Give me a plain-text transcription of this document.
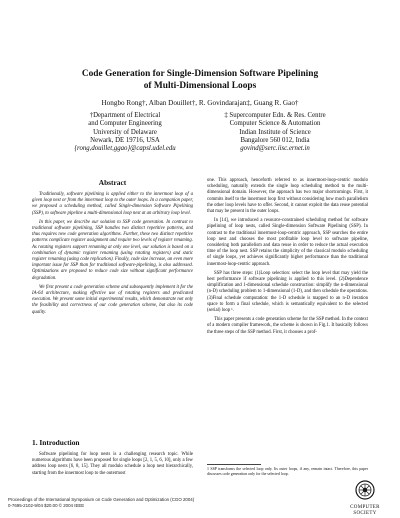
Code Generation for Single-Dimension Software Pipelining
of Multi-Dimensional Loops
Hongbo Rong†, Alban Douillet†, R. Govindarajan‡, Guang R. Gao†
†Department of Electrical
and Computer Engineering
University of Delaware
Newark, DE 19716, USA
{rong,douillet,ggao}@capsl.udel.edu
‡ Supercomputer Edn. & Res. Centre
Computer Science & Automation
Indian Institute of Science
Bangalore 560 012, India
govind@serc.iisc.ernet.in
Abstract

Traditionally, software pipelining is applied either to the innermost loop of a given loop nest or from the innermost loop to the outer loops. In a companion paper, we proposed a scheduling method, called Single-dimension Software Pipelining (SSP), to software pipeline a multi-dimensional loop nest at an arbitrary loop level.

In this paper, we describe our solution to SSP code generation. In contrast to traditional software pipelining, SSP handles two distinct repetitive patterns, and thus requires new code generation algorithms. Further, these two distinct repetitive patterns complicate register assignment and require two levels of register renaming. As rotating registers support renaming at only one level, our solution is based on a combination of dynamic register renaming (using rotating registers) and static register renaming (using code replication). Finally, code size increase, an even more important issue for SSP than for traditional software-pipelining, is also addressed. Optimizations are proposed to reduce code size without significant performance degradation.

We first present a code generation scheme and subsequently implement it for the IA-64 architecture, making effective use of rotating registers and predicated execution. We present some initial experimental results, which demonstrate not only the feasibility and correctness of our code generation scheme, but also its code quality.

1. Introduction

Software pipelining for loop nests is a challenging research topic. While numerous algorithms have been proposed for single loops [2, 1, 5, 6, 10], only a few address loop nests [6, 8, 15]. They all modulo schedule a loop nest hierarchically, starting from the innermost loop to the outermost

one. This approach, henceforth referred to as innermost-loop-centric modulo scheduling, naturally extends the single loop scheduling method to the multi-dimensional domain. However, the approach has two major shortcomings. First, it commits itself to the innermost loop first without considering how much parallelism the other loop levels have to offer. Second, it cannot exploit the data reuse potential that may be present in the outer loops.

In [14], we introduced a resource-constrained scheduling method for software pipelining of loop nests, called Single-dimension Software Pipelining (SSP). In contrast to the traditional innermost-loop-centric approach, SSP searches the entire loop nest and chooses the most profitable loop level to software pipeline, considering both parallelism and data reuse in order to reduce the actual execution time of the loop nest. SSP retains the simplicity of the classical modulo scheduling of single loops, yet achieves significantly higher performance than the traditional innermost-loop-centric approach.

SSP has three steps: (1)Loop selection: select the loop level that may yield the best performance if software pipelining is applied to this level. (2)Dependence simplification and 1-dimensional schedule construction: simplify the n-dimensional (n-D) scheduling problem to 1-dimensional (1-D), and then schedule the operations. (3)Final schedule computation: the 1-D schedule is mapped to an n-D iteration space to form a final schedule, which is semantically equivalent to the selected (serial) loop ¹.

This paper presents a code generation scheme for the SSP method. In the context of a modern compiler framework, the scheme is shown in Fig.1. It basically follows the three steps of the SSP method. First, it chooses a prof-

1 SSP transforms the selected loop only. Its outer loops, if any, remain intact. Therefore, this paper discusses code generation only for the selected loop.
Proceedings of the International Symposium on Code Generation and Optimization (CGO 2004)
0-7695-2102-9/04 $20.00 © 2004 IEEE	COMPUTER
SOCIETY
